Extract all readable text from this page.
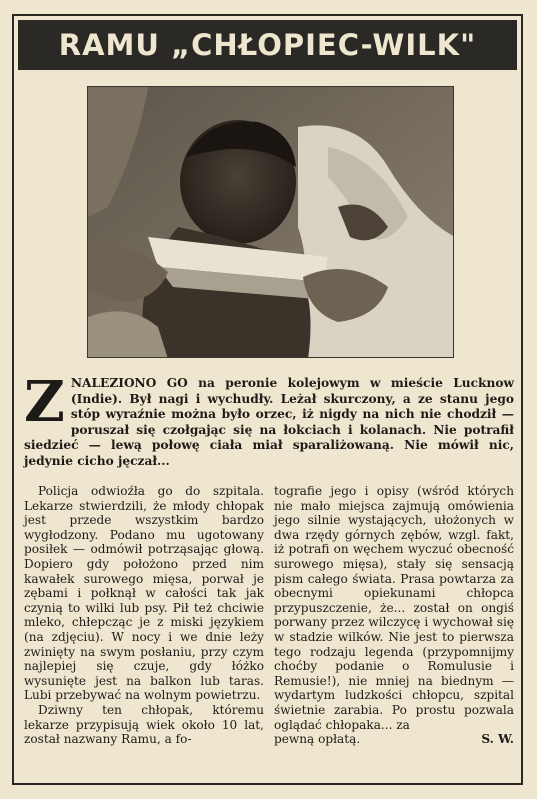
RAMU „CHŁOPIEC-WILK"
ZNALEZIONO GO na peronie kolejowym w mieście Lucknow (Indie). Był nagi i wychudły. Leżał skurczony, a ze stanu jego stóp wyraźnie można było orzec, iż nigdy na nich nie chodził — poruszał się czołgając się na łokciach i kolanach. Nie potrafił siedzieć — lewą połowę ciała miał sparaliżowaną. Nie mówił nic, jedynie cicho jęczał...

Policja odwioźła go do szpitala. Lekarze stwierdzili, że młody chłopak jest przede wszystkim bardzo wygłodzony. Podano mu ugotowany posiłek — odmówił potrząsając głową. Dopiero gdy położono przed nim kawałek surowego mięsa, porwał je zębami i połknął w całości tak jak czynią to wilki lub psy. Pił też chciwie mleko, chłepcząc je z miski językiem (na zdjęciu). W nocy i we dnie leży zwinięty na swym posłaniu, przy czym najlepiej się czuje, gdy łóżko wysunięte jest na balkon lub taras. Lubi przebywać na wolnym powietrzu.

Dziwny ten chłopak, któremu lekarze przypisują wiek około 10 lat, został nazwany Ramu, a fo-

tografie jego i opisy (wśród których nie mało miejsca zajmują omówienia jego silnie wystających, ułożonych w dwa rzędy górnych zębów, wzgl. fakt, iż potrafi on węchem wyczuć obecność surowego mięsa), stały się sensacją pism całego świata. Prasa powtarza za obecnymi opiekunami chłopca przypuszczenie, że... został on ongiś porwany przez wilczycę i wychował się w stadzie wilków. Nie jest to pierwsza tego rodzaju legenda (przypomnijmy choćby podanie o Romulusie i Remusie!), nie mniej na biednym — wydartym ludzkości chłopcu, szpital świetnie zarabia. Po prostu pozwala oglądać chłopaka... za

pewną opłatą.	S. W.
